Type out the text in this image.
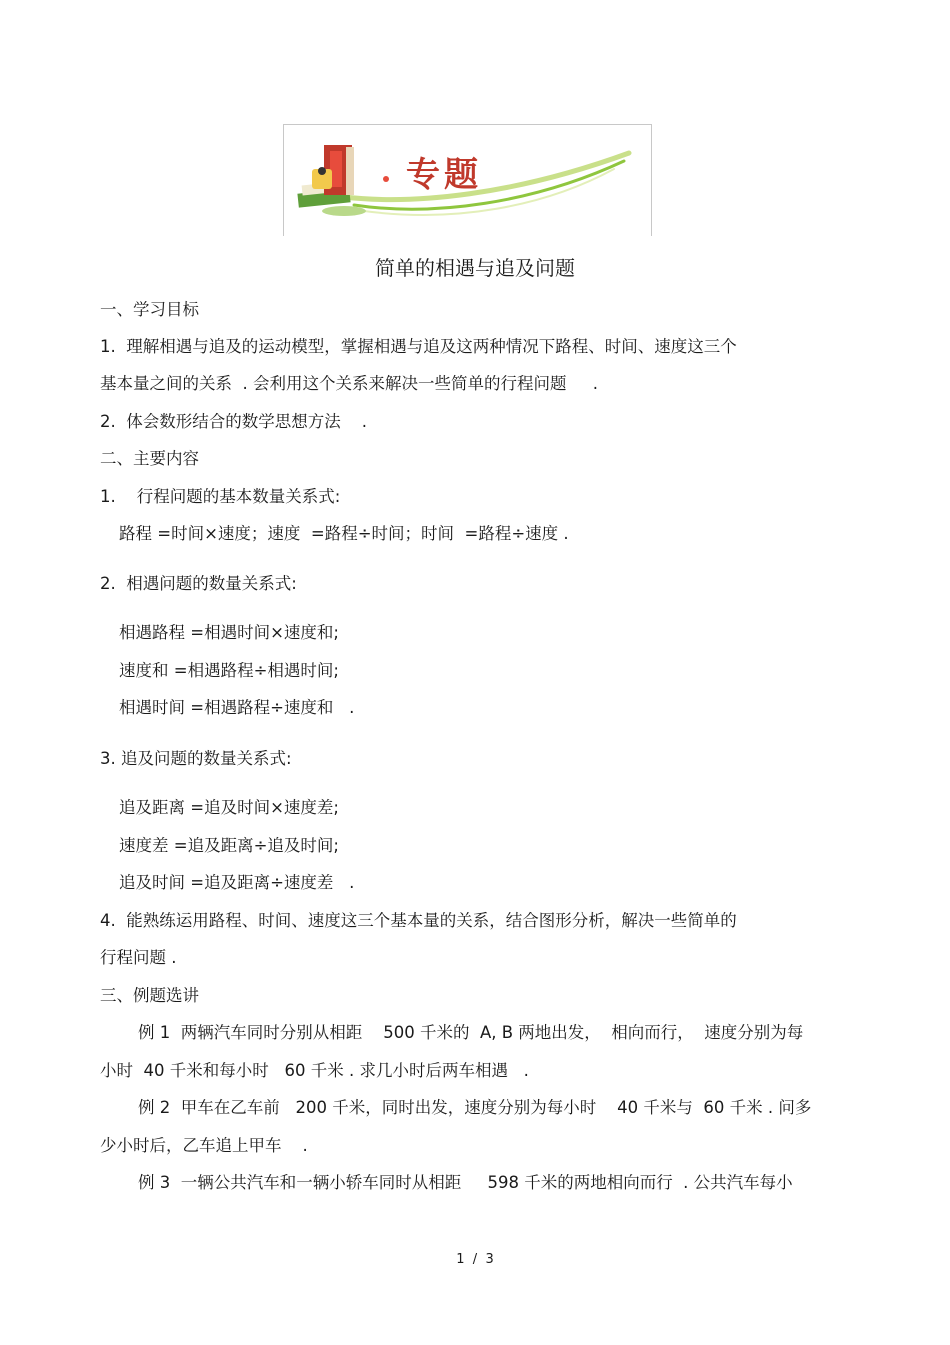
专题
简单的相遇与追及问题
一、学习目标
1.  理解相遇与追及的运动模型，掌握相遇与追及这两种情况下路程、时间、速度这三个
基本量之间的关系  . 会利用这个关系来解决一些简单的行程问题     .
2.  体会数形结合的数学思想方法    .
二、主要内容
1.    行程问题的基本数量关系式:
路程 =时间×速度；速度  =路程÷时间；时间  =路程÷速度 .
2.  相遇问题的数量关系式:
相遇路程 =相遇时间×速度和;
速度和 =相遇路程÷相遇时间;
相遇时间 =相遇路程÷速度和   .
3. 追及问题的数量关系式:
追及距离 =追及时间×速度差;
速度差 =追及距离÷追及时间;
追及时间 =追及距离÷速度差   .
4.  能熟练运用路程、时间、速度这三个基本量的关系，结合图形分析，解决一些简单的
行程问题 .
三、例题选讲
例 1  两辆汽车同时分别从相距    500 千米的  A, B 两地出发，  相向而行，  速度分别为每
小时  40 千米和每小时   60 千米 . 求几小时后两车相遇   .
例 2  甲车在乙车前   200 千米，同时出发，速度分别为每小时    40 千米与  60 千米 . 问多
少小时后，乙车追上甲车    .
例 3  一辆公共汽车和一辆小轿车同时从相距     598 千米的两地相向而行  . 公共汽车每小
1  /  3
